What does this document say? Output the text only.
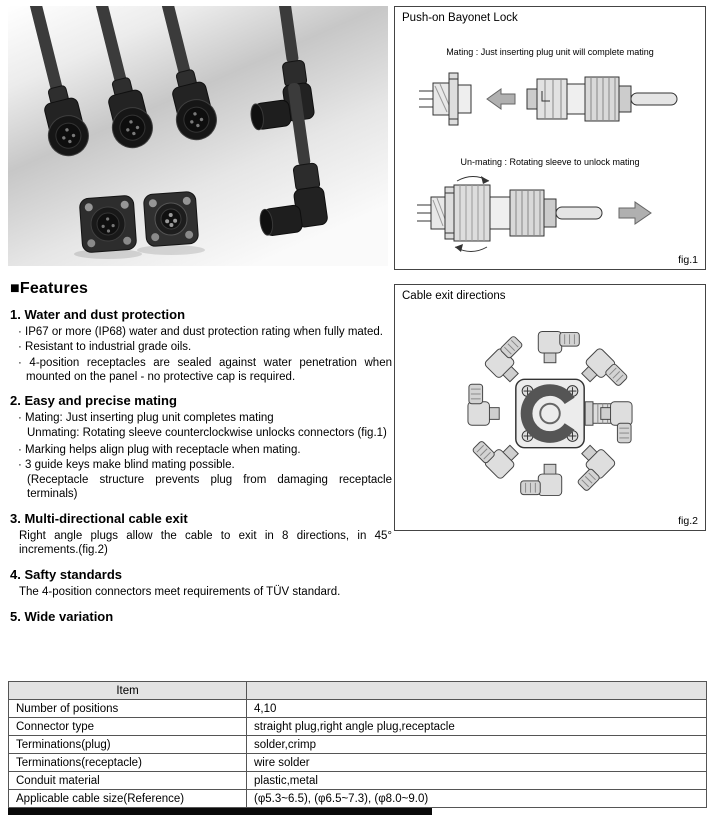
Push-on Bayonet Lock
Mating : Just inserting plug unit will complete mating
Un-mating : Rotating sleeve to unlock mating
fig.1
Cable exit directions
fig.2
■Features
1. Water and dust protection
· IP67 or more (IP68) water and dust protection rating when fully mated.
· Resistant to industrial grade oils.
· 4-position receptacles are sealed against water penetration when mounted on the panel - no protective cap is required.
2. Easy and precise mating
· Mating: Just inserting plug unit completes mating
Unmating: Rotating sleeve counterclockwise unlocks connectors (fig.1)
· Marking helps align plug with receptacle when mating.
· 3 guide keys make blind mating possible.
(Receptacle structure prevents plug from damaging receptacle terminals)
3. Multi-directional cable exit
Right angle plugs allow the cable to exit in 8 directions, in 45° increments.(fig.2)
4. Safty standards
The 4-position connectors meet requirements of TÜV standard.
5. Wide variation
Item	
Number of positions	4,10
Connector type	straight plug,right angle plug,receptacle
Terminations(plug)	solder,crimp
Terminations(receptacle)	wire solder
Conduit material	plastic,metal
Applicable cable size(Reference)	(φ5.3~6.5), (φ6.5~7.3), (φ8.0~9.0)
